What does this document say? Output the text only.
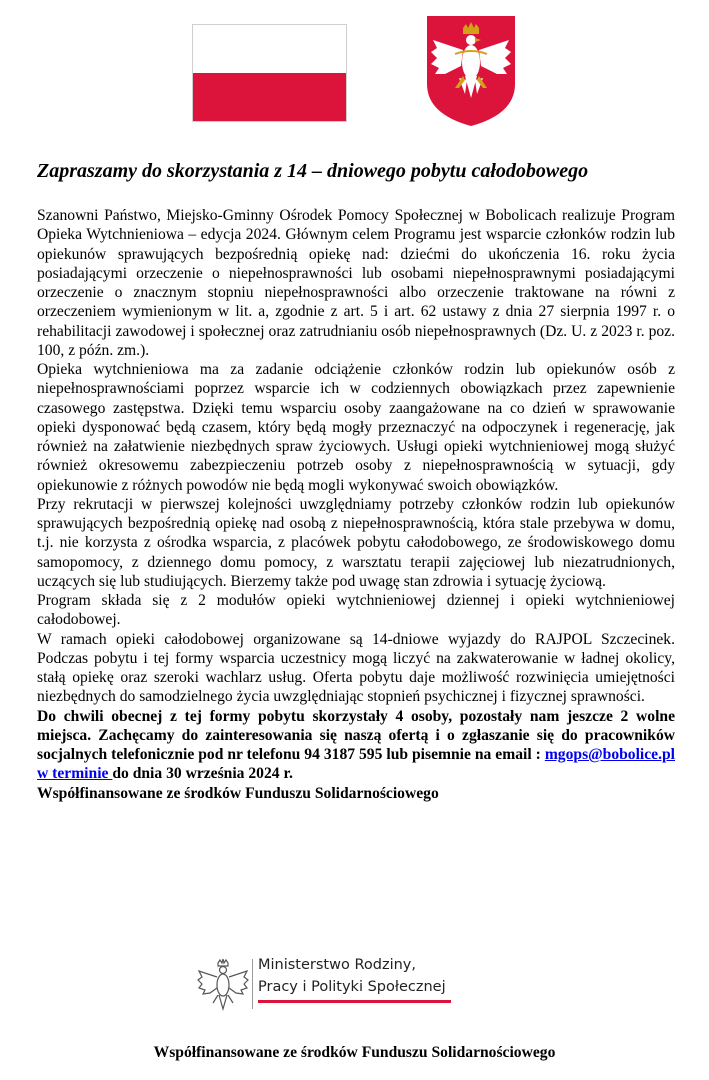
Zapraszamy do skorzystania z 14 – dniowego pobytu całodobowego

Szanowni Państwo, Miejsko-Gminny Ośrodek Pomocy Społecznej w Bobolicach realizuje Program Opieka Wytchnieniowa – edycja 2024. Głównym celem Programu jest wsparcie członków rodzin lub opiekunów sprawujących bezpośrednią opiekę nad: dziećmi do ukończenia 16. roku życia posiadającymi orzeczenie o niepełnosprawności lub osobami niepełnosprawnymi posiadającymi orzeczenie o znacznym stopniu niepełnosprawności albo orzeczenie traktowane na równi z orzeczeniem wymienionym w lit. a, zgodnie z art. 5 i art. 62 ustawy z dnia 27 sierpnia 1997 r. o rehabilitacji zawodowej i społecznej oraz zatrudnianiu osób niepełnosprawnych (Dz. U. z 2023 r. poz. 100, z późn. zm.).

Opieka wytchnieniowa ma za zadanie odciążenie członków rodzin lub opiekunów osób z niepełnosprawnościami poprzez wsparcie ich w codziennych obowiązkach przez zapewnienie czasowego zastępstwa. Dzięki temu wsparciu osoby zaangażowane na co dzień w sprawowanie opieki dysponować będą czasem, który będą mogły przeznaczyć na odpoczynek i regenerację, jak również na załatwienie niezbędnych spraw życiowych. Usługi opieki wytchnieniowej mogą służyć również okresowemu zabezpieczeniu potrzeb osoby z niepełnosprawnością w sytuacji, gdy opiekunowie z różnych powodów nie będą mogli wykonywać swoich obowiązków.

Przy rekrutacji w pierwszej kolejności uwzględniamy potrzeby członków rodzin lub opiekunów sprawujących bezpośrednią opiekę nad osobą z niepełnosprawnością, która stale przebywa w domu, t.j. nie korzysta z ośrodka wsparcia, z placówek pobytu całodobowego, ze środowiskowego domu samopomocy, z dziennego domu pomocy, z warsztatu terapii zajęciowej lub niezatrudnionych, uczących się lub studiujących. Bierzemy także pod uwagę stan zdrowia i sytuację życiową.

Program składa się z 2 modułów opieki wytchnieniowej dziennej i opieki wytchnieniowej całodobowej.

W ramach opieki całodobowej organizowane są 14-dniowe wyjazdy do RAJPOL Szczecinek. Podczas pobytu i tej formy wsparcia uczestnicy mogą liczyć na zakwaterowanie w ładnej okolicy, stałą opiekę oraz szeroki wachlarz usług. Oferta pobytu daje możliwość rozwinięcia umiejętności niezbędnych do samodzielnego życia uwzględniając stopnień psychicznej i fizycznej sprawności.

Do chwili obecnej z tej formy pobytu skorzystały 4 osoby, pozostały nam jeszcze 2 wolne miejsca. Zachęcamy do zainteresowania się naszą ofertą i o zgłaszanie się do pracowników socjalnych telefonicznie pod nr telefonu 94 3187 595 lub pisemnie na email : mgops@bobolice.pl w terminie do dnia 30 września 2024 r.

Współfinansowane ze środków Funduszu Solidarnościowego

Ministerstwo Rodziny,
Pracy i Polityki Społecznej
Współfinansowane ze środków Funduszu Solidarnościowego
